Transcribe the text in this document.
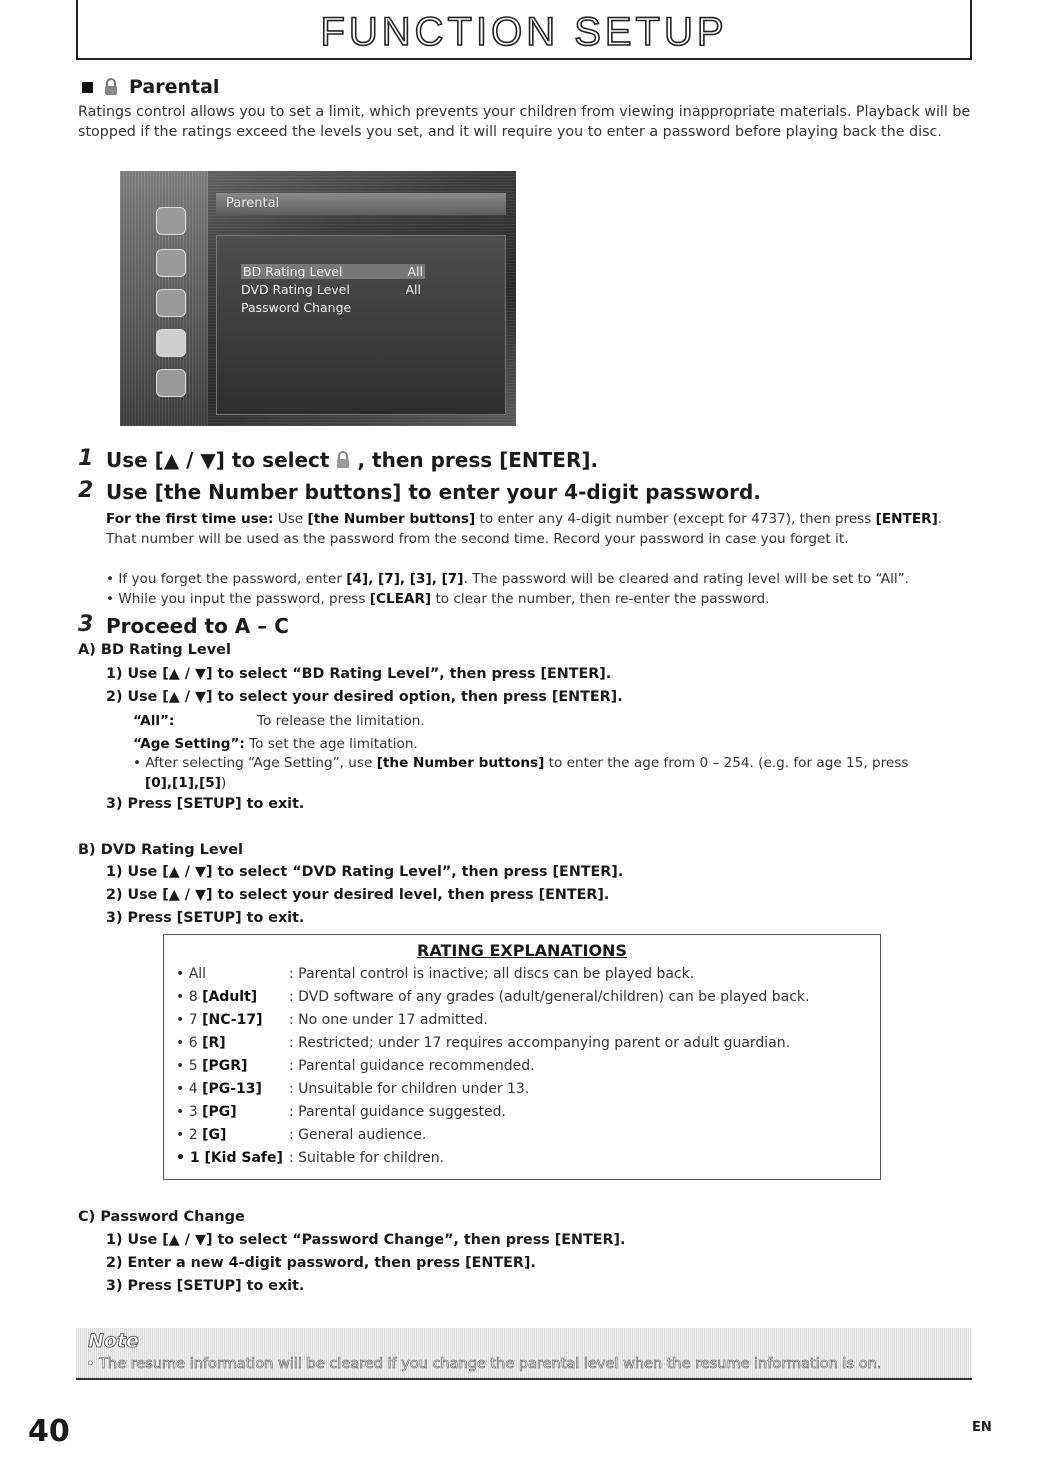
FUNCTION SETUP
Parental
Ratings control allows you to set a limit, which prevents your children from viewing inappropriate materials. Playback will be stopped if the ratings exceed the levels you set, and it will require you to enter a password before playing back the disc.
Parental
BD Rating Level	All
DVD Rating Level	All
Password Change
1 Use [▲ / ▼] to select , then press [ENTER].
2 Use [the Number buttons] to enter your 4-digit password.
For the first time use: Use [the Number buttons] to enter any 4-digit number (except for 4737), then press [ENTER]. That number will be used as the password from the second time. Record your password in case you forget it.
• If you forget the password, enter [4], [7], [3], [7]. The password will be cleared and rating level will be set to “All”.
• While you input the password, press [CLEAR] to clear the number, then re-enter the password.
3 Proceed to A – C
A) BD Rating Level
1) Use [▲ / ▼] to select “BD Rating Level”, then press [ENTER].
2) Use [▲ / ▼] to select your desired option, then press [ENTER].
“All”:	To release the limitation.
“Age Setting”: To set the age limitation.
• After selecting “Age Setting”, use [the Number buttons] to enter the age from 0 – 254. (e.g. for age 15, press
[0],[1],[5])
3) Press [SETUP] to exit.
B) DVD Rating Level
1) Use [▲ / ▼] to select “DVD Rating Level”, then press [ENTER].
2) Use [▲ / ▼] to select your desired level, then press [ENTER].
3) Press [SETUP] to exit.
RATING EXPLANATIONS
• All	: Parental control is inactive; all discs can be played back.
• 8 [Adult]	: DVD software of any grades (adult/general/children) can be played back.
• 7 [NC-17]	: No one under 17 admitted.
• 6 [R]	: Restricted; under 17 requires accompanying parent or adult guardian.
• 5 [PGR]	: Parental guidance recommended.
• 4 [PG-13]	: Unsuitable for children under 13.
• 3 [PG]	: Parental guidance suggested.
• 2 [G]	: General audience.
• 1 [Kid Safe] : Suitable for children.
C) Password Change
1) Use [▲ / ▼] to select “Password Change”, then press [ENTER].
2) Enter a new 4-digit password, then press [ENTER].
3) Press [SETUP] to exit.
Note
• The resume information will be cleared if you change the parental level when the resume information is on.
40	EN
